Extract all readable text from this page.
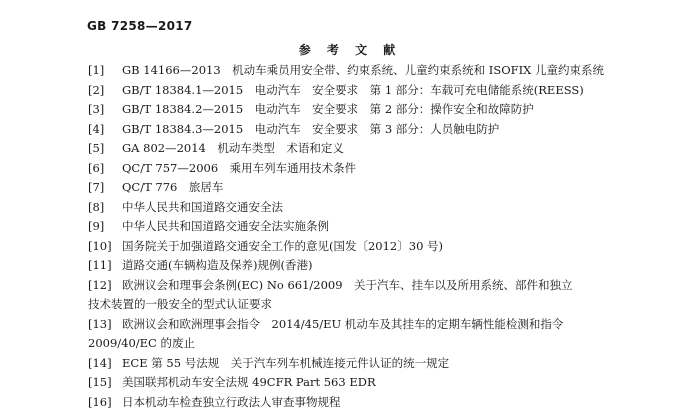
GB 7258—2017
参 考 文 献
[1] GB 14166—2013　机动车乘员用安全带、约束系统、儿童约束系统和 ISOFIX 儿童约束系统
[2] GB/T 18384.1—2015　电动汽车　安全要求　第 1 部分：车载可充电储能系统(REESS)
[3] GB/T 18384.2—2015　电动汽车　安全要求　第 2 部分：操作安全和故障防护
[4] GB/T 18384.3—2015　电动汽车　安全要求　第 3 部分：人员触电防护
[5] GA 802—2014　机动车类型　术语和定义
[6] QC/T 757—2006　乘用车列车通用技术条件
[7] QC/T 776　旅居车
[8] 中华人民共和国道路交通安全法
[9] 中华人民共和国道路交通安全法实施条例
[10] 国务院关于加强道路交通安全工作的意见(国发〔2012〕30 号)
[11] 道路交通(车辆构造及保养)规例(香港)
[12] 欧洲议会和理事会条例(EC) No 661/2009　关于汽车、挂车以及所用系统、部件和独立
技术装置的一般安全的型式认证要求
[13] 欧洲议会和欧洲理事会指令　2014/45/EU 机动车及其挂车的定期车辆性能检测和指令
2009/40/EC 的废止
[14] ECE 第 55 号法规　关于汽车列车机械连接元件认证的统一规定
[15] 美国联邦机动车安全法规 49CFR Part 563 EDR
[16] 日本机动车检查独立行政法人审查事物规程
